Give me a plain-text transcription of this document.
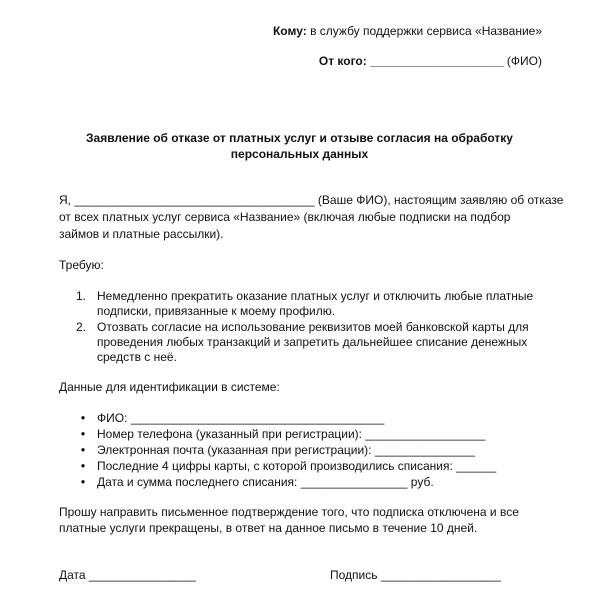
Кому: в службу поддержки сервиса «Название»
От кого: ____________________ (ФИО)
Заявление об отказе от платных услуг и отзыве согласия на обработку
персональных данных
Я, ____________________________________ (Ваше ФИО), настоящим заявляю об отказе
от всех платных услуг сервиса «Название» (включая любые подписки на подбор
займов и платные рассылки).
Требую:
1. Немедленно прекратить оказание платных услуг и отключить любые платные
подписки, привязанные к моему профилю.
2. Отозвать согласие на использование реквизитов моей банковской карты для
проведения любых транзакций и запретить дальнейшее списание денежных
средств с неё.
Данные для идентификации в системе:
● ФИО: ______________________________________
● Номер телефона (указанный при регистрации): __________________
● Электронная почта (указанная при регистрации): _______________
● Последние 4 цифры карты, с которой производились списания: ______
● Дата и сумма последнего списания: ________________ руб.
Прошу направить письменное подтверждение того, что подписка отключена и все
платные услуги прекращены, в ответ на данное письмо в течение 10 дней.
Дата ________________	Подпись __________________
